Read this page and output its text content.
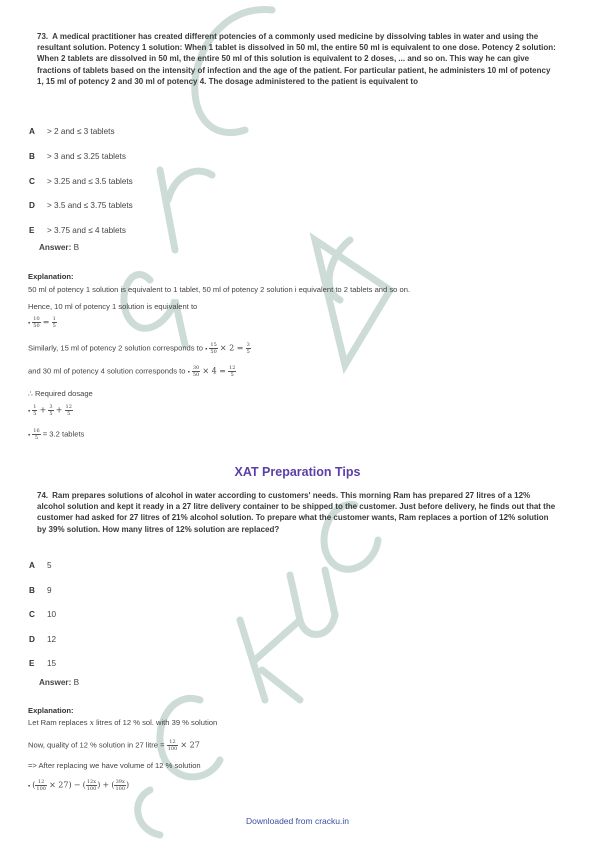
73. A medical practitioner has created different potencies of a commonly used medicine by dissolving tables in water and using the resultant solution. Potency 1 solution: When 1 tablet is dissolved in 50 ml, the entire 50 ml is equivalent to one dose. Potency 2 solution: When 2 tablets are dissolved in 50 ml, the entire 50 ml of this solution is equivalent to 2 doses, ... and so on. This way he can give fractions of tablets based on the intensity of infection and the age of the patient. For particular patient, he administers 10 ml of potency 1, 15 ml of potency 2 and 30 ml of potency 4. The dosage administered to the patient is equivalent to
A > 2 and ≤ 3 tablets
B > 3 and ≤ 3.25 tablets
C > 3.25 and ≤ 3.5 tablets
D > 3.5 and ≤ 3.75 tablets
E > 3.75 and ≤ 4 tablets
Answer: B
Explanation:
50 ml of potency 1 solution is equivalent to 1 tablet, 50 ml of potency 2 solution i equivalent to 2 tablets and so on.
Hence, 10 ml of potency 1 solution is equivalent to
▪ $\frac{10}{50} = \frac{1}{5}$
Similarly, 15 ml of potency 2 solution corresponds to ▪ $\frac{15}{50} \times 2 = \frac{3}{5}$
and 30 ml of potency 4 solution corresponds to ▪ $\frac{30}{50} \times 4 = \frac{12}{5}$
∴ Required dosage
▪ $\frac{1}{5} + \frac{3}{5} + \frac{12}{5}$
▪ $\frac{16}{5} = 3.2$ tablets
XAT Preparation Tips
74. Ram prepares solutions of alcohol in water according to customers' needs. This morning Ram has prepared 27 litres of a 12% alcohol solution and kept it ready in a 27 litre delivery container to be shipped to the customer. Just before delivery, he finds out that the customer had asked for 27 litres of 21% alcohol solution. To prepare what the customer wants, Ram replaces a portion of 12% solution by 39% solution. How many litres of 12% solution are replaced?
A 5
B 9
C 10
D 12
E 15
Answer: B
Explanation:
Let Ram replaces x litres of 12 % sol. with 39 % solution
Now, quality of 12 % solution in 27 litre = $\frac{12}{100} \times 27$
=> After replacing we have volume of 12 % solution
▪ ( $\frac{12}{100} \times 27$) − ( $\frac{12x}{100}$ ) + ( $\frac{39x}{100}$ )
Downloaded from cracku.in
